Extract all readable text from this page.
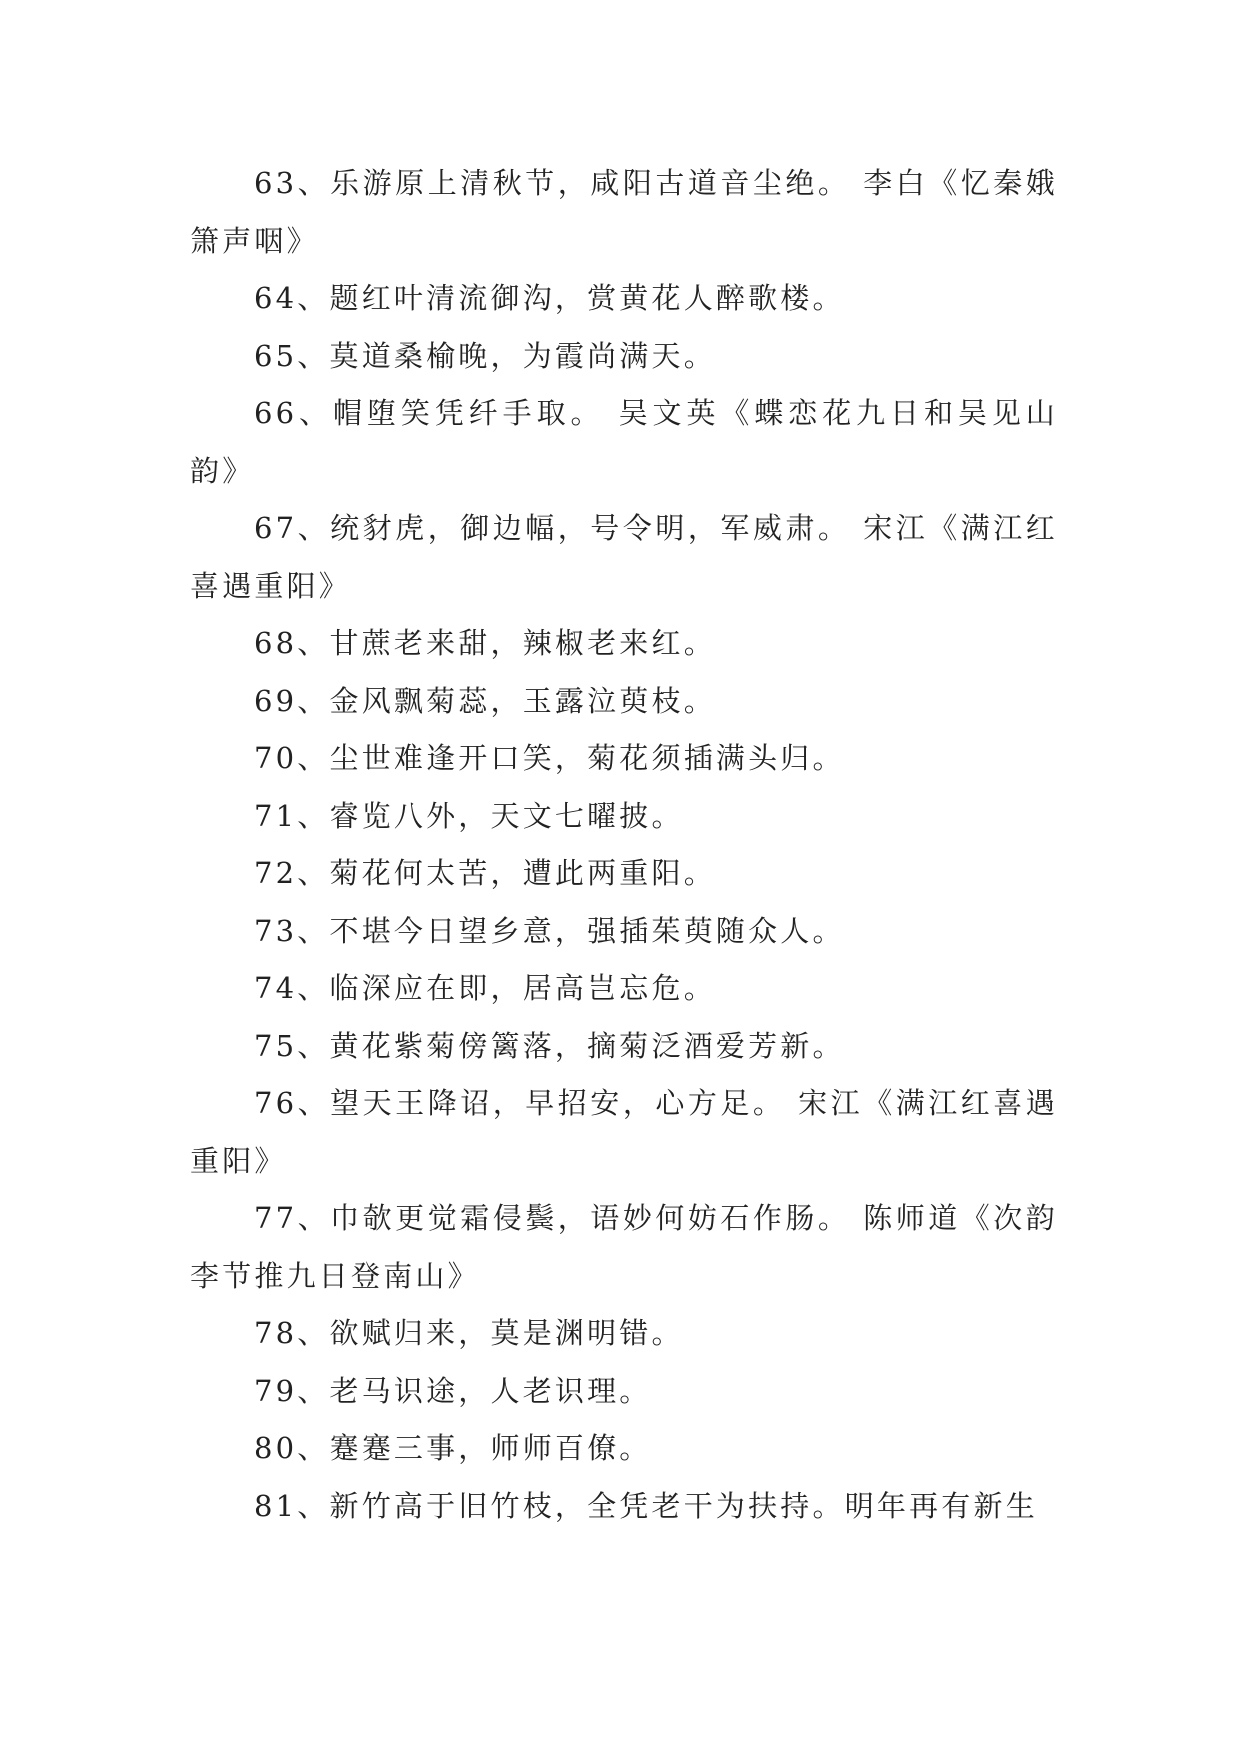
63、乐游原上清秋节，咸阳古道音尘绝。 李白《忆秦娥箫声咽》

64、题红叶清流御沟，赏黄花人醉歌楼。

65、莫道桑榆晚，为霞尚满天。

66、帽堕笑凭纤手取。 吴文英《蝶恋花九日和吴见山韵》

67、统豺虎，御边幅，号令明，军威肃。 宋江《满江红喜遇重阳》

68、甘蔗老来甜，辣椒老来红。

69、金风飘菊蕊，玉露泣萸枝。

70、尘世难逢开口笑，菊花须插满头归。

71、睿览八外，天文七曜披。

72、菊花何太苦，遭此两重阳。

73、不堪今日望乡意，强插茱萸随众人。

74、临深应在即，居高岂忘危。

75、黄花紫菊傍篱落，摘菊泛酒爱芳新。

76、望天王降诏，早招安，心方足。 宋江《满江红喜遇重阳》

77、巾欹更觉霜侵鬓，语妙何妨石作肠。 陈师道《次韵李节推九日登南山》

78、欲赋归来，莫是渊明错。

79、老马识途，人老识理。

80、蹇蹇三事，师师百僚。

81、新竹高于旧竹枝，全凭老干为扶持。明年再有新生
